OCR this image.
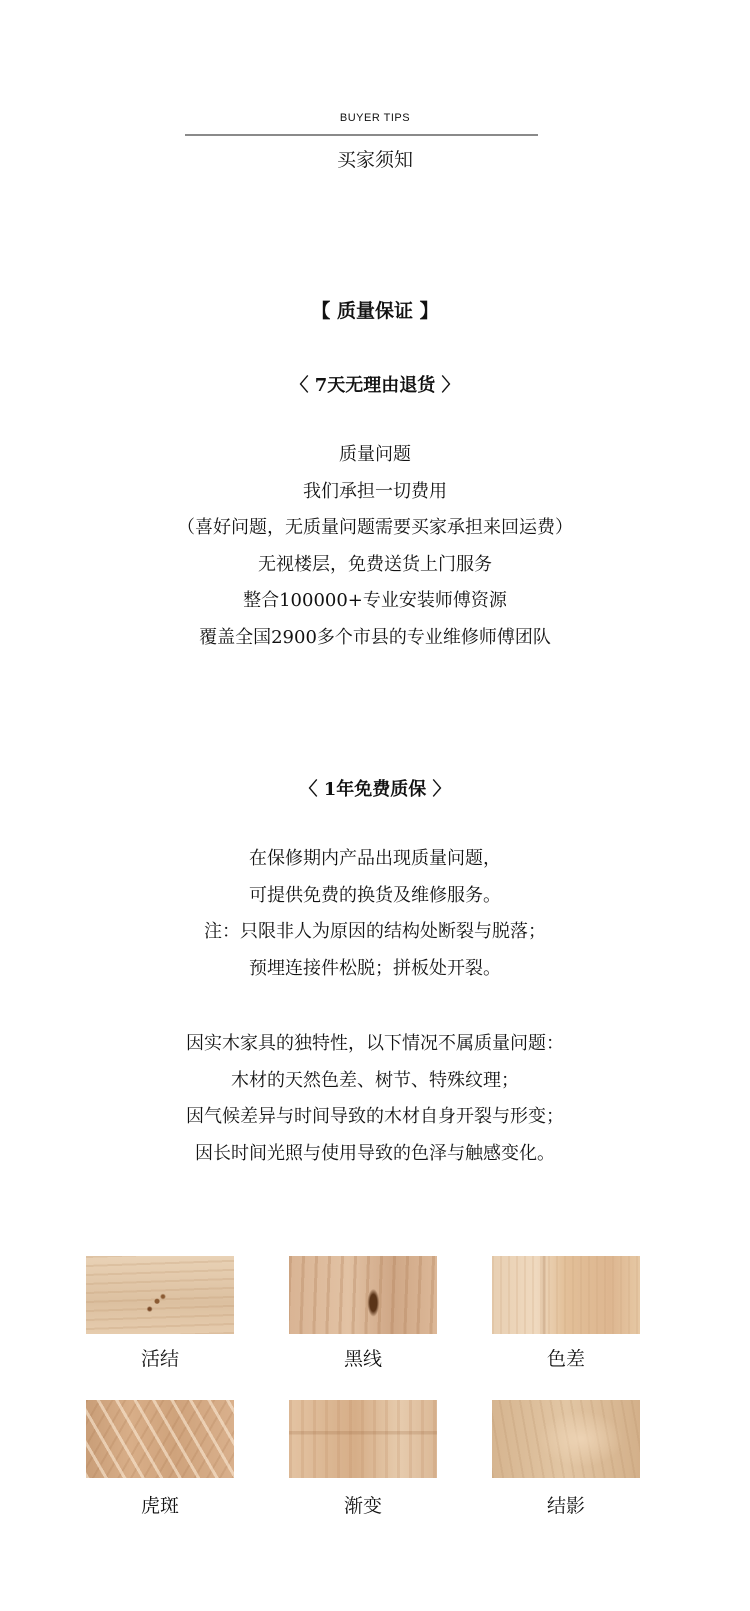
BUYER TIPS
买家须知
【 质量保证 】
〈 7天无理由退货 〉
质量问题
我们承担一切费用
（喜好问题，无质量问题需要买家承担来回运费）
无视楼层，免费送货上门服务
整合100000+专业安装师傅资源
覆盖全国2900多个市县的专业维修师傅团队
〈 1年免费质保 〉
在保修期内产品出现质量问题，
可提供免费的换货及维修服务。
注：只限非人为原因的结构处断裂与脱落；
预埋连接件松脱；拼板处开裂。
因实木家具的独特性，以下情况不属质量问题：
木材的天然色差、树节、特殊纹理；
因气候差异与时间导致的木材自身开裂与形变；
因长时间光照与使用导致的色泽与触感变化。
活结	黑线	色差
虎斑	渐变	结影
